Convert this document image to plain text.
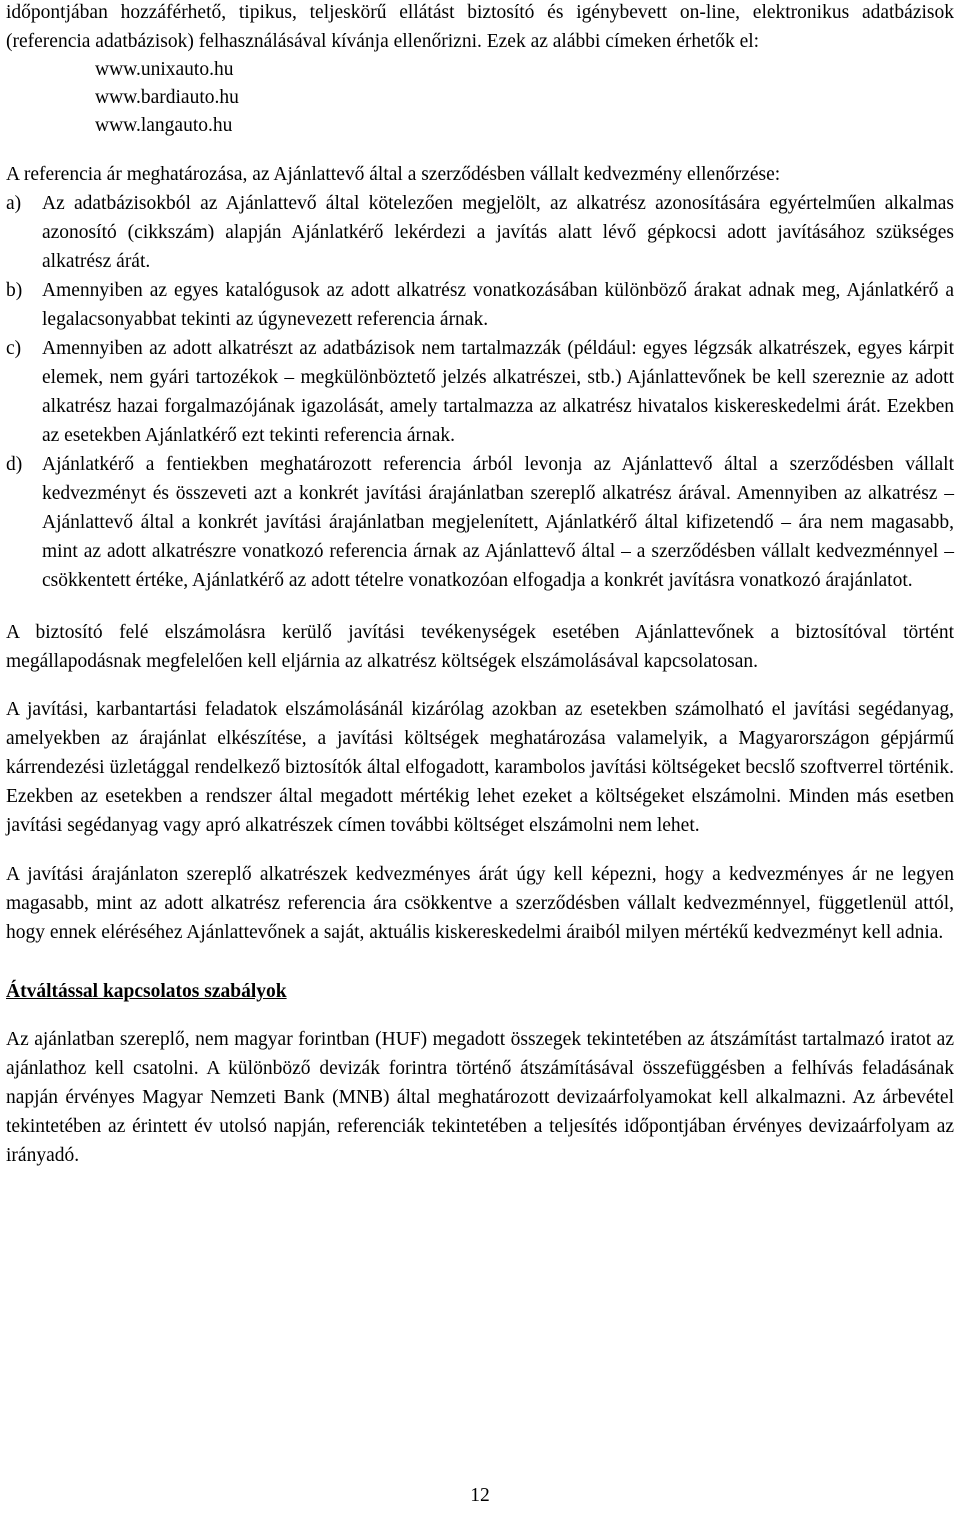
időpontjában hozzáférhető, tipikus, teljeskörű ellátást biztosító és igénybevett on-line, elektronikus adatbázisok (referencia adatbázisok) felhasználásával kívánja ellenőrizni. Ezek az alábbi címeken érhetők el:

www.unixauto.hu
www.bardiauto.hu
www.langauto.hu

A referencia ár meghatározása, az Ajánlattevő által a szerződésben vállalt kedvezmény ellenőrzése:

a)	Az adatbázisokból az Ajánlattevő által kötelezően megjelölt, az alkatrész azonosítására egyértelműen alkalmas azonosító (cikkszám) alapján Ajánlatkérő lekérdezi a javítás alatt lévő gépkocsi adott javításához szükséges alkatrész árát.
b)	Amennyiben az egyes katalógusok az adott alkatrész vonatkozásában különböző árakat adnak meg, Ajánlatkérő a legalacsonyabbat tekinti az úgynevezett referencia árnak.
c)	Amennyiben az adott alkatrészt az adatbázisok nem tartalmazzák (például: egyes légzsák alkatrészek, egyes kárpit elemek, nem gyári tartozékok – megkülönböztető jelzés alkatrészei, stb.) Ajánlattevőnek be kell szereznie az adott alkatrész hazai forgalmazójának igazolását, amely tartalmazza az alkatrész hivatalos kiskereskedelmi árát. Ezekben az esetekben Ajánlatkérő ezt tekinti referencia árnak.
d)	Ajánlatkérő a fentiekben meghatározott referencia árból levonja az Ajánlattevő által a szerződésben vállalt kedvezményt és összeveti azt a konkrét javítási árajánlatban szereplő alkatrész árával. Amennyiben az alkatrész – Ajánlattevő által a konkrét javítási árajánlatban megjelenített, Ajánlatkérő által kifizetendő – ára nem magasabb, mint az adott alkatrészre vonatkozó referencia árnak az Ajánlattevő által – a szerződésben vállalt kedvezménnyel – csökkentett értéke, Ajánlatkérő az adott tételre vonatkozóan elfogadja a konkrét javításra vonatkozó árajánlatot.

A biztosító felé elszámolásra kerülő javítási tevékenységek esetében Ajánlattevőnek a biztosítóval történt megállapodásnak megfelelően kell eljárnia az alkatrész költségek elszámolásával kapcsolatosan.

A javítási, karbantartási feladatok elszámolásánál kizárólag azokban az esetekben számolható el javítási segédanyag, amelyekben az árajánlat elkészítése, a javítási költségek meghatározása valamelyik, a Magyarországon gépjármű kárrendezési üzletággal rendelkező biztosítók által elfogadott, karambolos javítási költségeket becslő szoftverrel történik. Ezekben az esetekben a rendszer által megadott mértékig lehet ezeket a költségeket elszámolni. Minden más esetben javítási segédanyag vagy apró alkatrészek címen további költséget elszámolni nem lehet.

A javítási árajánlaton szereplő alkatrészek kedvezményes árát úgy kell képezni, hogy a kedvezményes ár ne legyen magasabb, mint az adott alkatrész referencia ára csökkentve a szerződésben vállalt kedvezménnyel, függetlenül attól, hogy ennek eléréséhez Ajánlattevőnek a saját, aktuális kiskereskedelmi áraiból milyen mértékű kedvezményt kell adnia.

Átváltással kapcsolatos szabályok

Az ajánlatban szereplő, nem magyar forintban (HUF) megadott összegek tekintetében az átszámítást tartalmazó iratot az ajánlathoz kell csatolni. A különböző devizák forintra történő átszámításával összefüggésben a felhívás feladásának napján érvényes Magyar Nemzeti Bank (MNB) által meghatározott devizaárfolyamokat kell alkalmazni. Az árbevétel tekintetében az érintett év utolsó napján, referenciák tekintetében a teljesítés időpontjában érvényes devizaárfolyam az irányadó.

12
